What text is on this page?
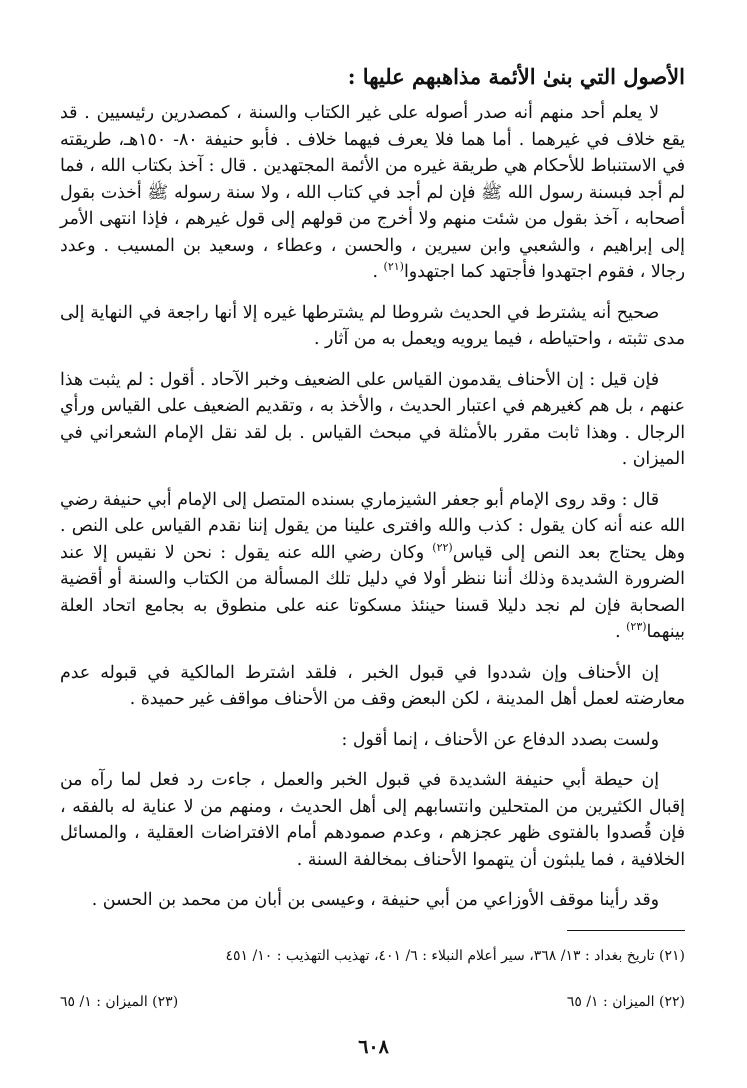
الأصول التي بنىٰ الأئمة مذاهبهم عليها :

لا يعلم أحد منهم أنه صدر أصوله على غير الكتاب والسنة ، كمصدرين رئيسيين . قد يقع خلاف في غيرهما . أما هما فلا يعرف فيهما خلاف . فأبو حنيفة ٨٠- ١٥٠هـ، طريقته في الاستنباط للأحكام هي طريقة غيره من الأئمة المجتهدين . قال : آخذ بكتاب الله ، فما لم أجد فبسنة رسول الله ﷺ فإن لم أجد في كتاب الله ، ولا سنة رسوله ﷺ أخذت بقول أصحابه ، آخذ بقول من شئت منهم ولا أخرج من قولهم إلى قول غيرهم ، فإذا انتهى الأمر إلى إبراهيم ، والشعبي وابن سيرين ، والحسن ، وعطاء ، وسعيد بن المسيب . وعدد رجالا ، فقوم اجتهدوا فأجتهد كما اجتهدوا$^{(٢١)}$ .

صحيح أنه يشترط في الحديث شروطا لم يشترطها غيره إلا أنها راجعة في النهاية إلى مدى تثبته ، واحتياطه ، فيما يرويه ويعمل به من آثار .

فإن قيل : إن الأحناف يقدمون القياس على الضعيف وخبر الآحاد . أقول : لم يثبت هذا عنهم ، بل هم كغيرهم في اعتبار الحديث ، والأخذ به ، وتقديم الضعيف على القياس ورأي الرجال . وهذا ثابت مقرر بالأمثلة في مبحث القياس . بل لقد نقل الإمام الشعراني في الميزان .

قال : وقد روى الإمام أبو جعفر الشيزماري بسنده المتصل إلى الإمام أبي حنيفة رضي الله عنه أنه كان يقول : كذب والله وافترى علينا من يقول إننا نقدم القياس على النص . وهل يحتاج بعد النص إلى قياس$^{(٢٢)}$ وكان رضي الله عنه يقول : نحن لا نقيس إلا عند الضرورة الشديدة وذلك أننا ننظر أولا في دليل تلك المسألة من الكتاب والسنة أو أقضية الصحابة فإن لم نجد دليلا قسنا حينئذ مسكوتا عنه على منطوق به بجامع اتحاد العلة بينهما$^{(٢٣)}$ .

إن الأحناف وإن شددوا في قبول الخبر ، فلقد اشترط المالكية في قبوله عدم معارضته لعمل أهل المدينة ، لكن البعض وقف من الأحناف مواقف غير حميدة .

ولست بصدد الدفاع عن الأحناف ، إنما أقول :

إن حيطة أبي حنيفة الشديدة في قبول الخبر والعمل ، جاءت رد فعل لما رآه من إقبال الكثيرين من المتحلين وانتسابهم إلى أهل الحديث ، ومنهم من لا عناية له بالفقه ، فإن قُصدوا بالفتوى ظهر عجزهم ، وعدم صمودهم أمام الافتراضات العقلية ، والمسائل الخلافية ، فما يلبثون أن يتهموا الأحناف بمخالفة السنة .

وقد رأينا موقف الأوزاعي من أبي حنيفة ، وعيسى بن أبان من محمد بن الحسن .

(٢١) تاريخ بغداد : ١٣/ ٣٦٨، سير أعلام النبلاء : ٦/ ٤٠١، تهذيب التهذيب : ١٠/ ٤٥١
(٢٣) الميزان : ١/ ٦٥	(٢٢) الميزان : ١/ ٦٥
٦٠٨
